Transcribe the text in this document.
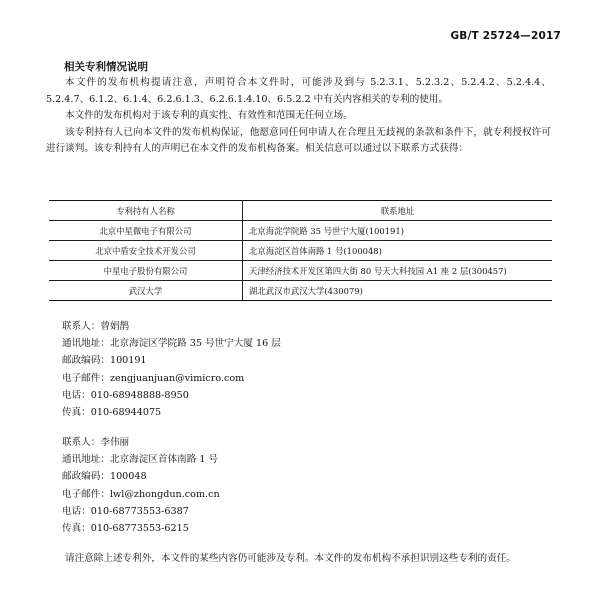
GB/T 25724—2017
相关专利情况说明

本文件的发布机构提请注意，声明符合本文件时，可能涉及到与 5.2.3.1、5.2.3.2、5.2.4.2、5.2.4.4、5.2.4.7、6.1.2、6.1.4、6.2.6.1.3、6.2.6.1.4.10、6.5.2.2 中有关内容相关的专利的使用。

本文件的发布机构对于该专利的真实性、有效性和范围无任何立场。

该专利持有人已向本文件的发布机构保证，他愿意同任何申请人在合理且无歧视的条款和条件下，就专利授权许可进行谈判。该专利持有人的声明已在本文件的发布机构备案。相关信息可以通过以下联系方式获得：

专利持有人名称	联系地址
北京中星微电子有限公司	北京海淀学院路 35 号世宁大厦(100191)
北京中盾安全技术开发公司	北京海淀区首体南路 1 号(100048)
中星电子股份有限公司	天津经济技术开发区第四大街 80 号天大科技园 A1 座 2 层(300457)
武汉大学	湖北武汉市武汉大学(430079)
联系人：曾娟鹊
通讯地址：北京海淀区学院路 35 号世宁大厦 16 层
邮政编码：100191
电子邮件：zengjuanjuan@vimicro.com
电话：010-68948888-8950
传真：010-68944075
联系人：李伟丽
通讯地址：北京海淀区首体南路 1 号
邮政编码：100048
电子邮件：lwl@zhongdun.com.cn
电话：010-68773553-6387
传真：010-68773553-6215

请注意除上述专利外，本文件的某些内容仍可能涉及专利。本文件的发布机构不承担识别这些专利的责任。
